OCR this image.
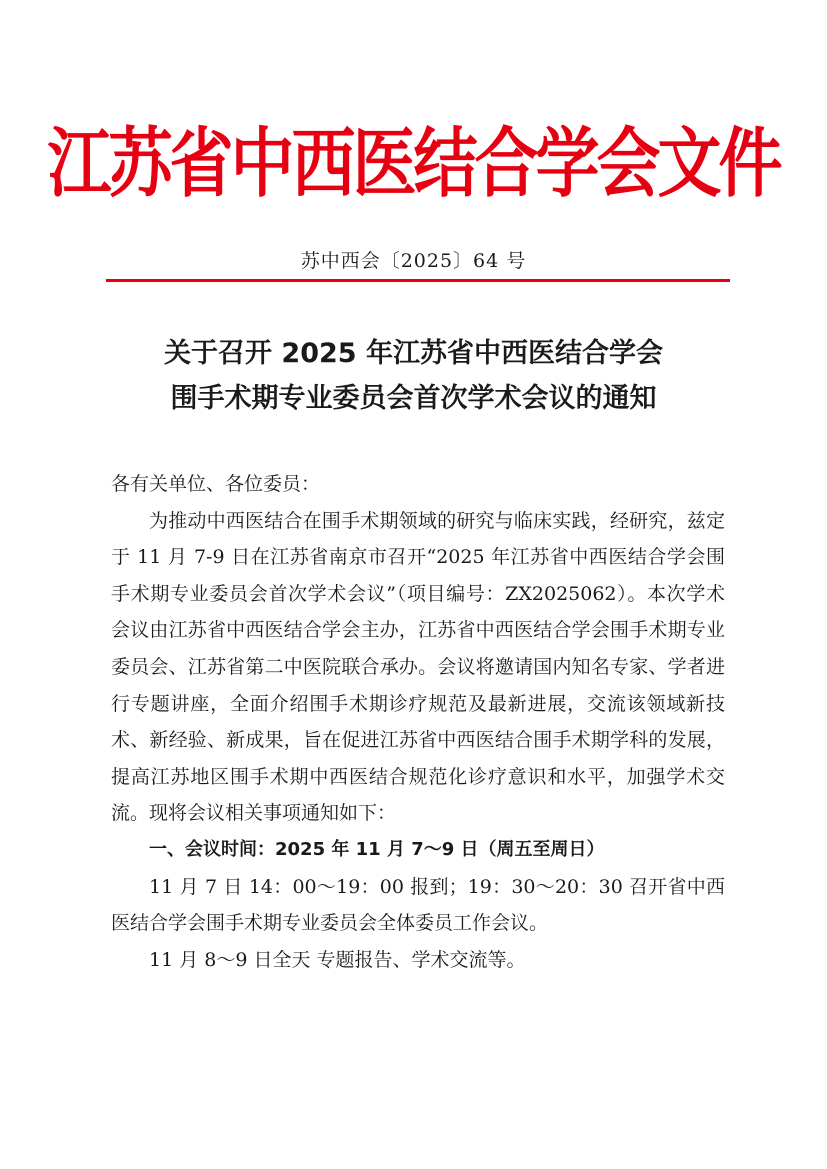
江苏省中西医结合学会文件
苏中西会〔2025〕64 号
关于召开 2025 年江苏省中西医结合学会
围手术期专业委员会首次学术会议的通知

各有关单位、各位委员：

为推动中西医结合在围手术期领域的研究与临床实践，经研究，兹定于 11 月 7-9 日在江苏省南京市召开“2025 年江苏省中西医结合学会围手术期专业委员会首次学术会议”（项目编号：ZX2025062）。本次学术会议由江苏省中西医结合学会主办，江苏省中西医结合学会围手术期专业委员会、江苏省第二中医院联合承办。会议将邀请国内知名专家、学者进行专题讲座，全面介绍围手术期诊疗规范及最新进展，交流该领域新技术、新经验、新成果，旨在促进江苏省中西医结合围手术期学科的发展，提高江苏地区围手术期中西医结合规范化诊疗意识和水平，加强学术交流。现将会议相关事项通知如下：

一、会议时间：2025 年 11 月 7～9 日（周五至周日）

11 月 7 日 14：00～19：00 报到；19：30～20：30 召开省中西医结合学会围手术期专业委员会全体委员工作会议。

11 月 8～9 日全天 专题报告、学术交流等。
